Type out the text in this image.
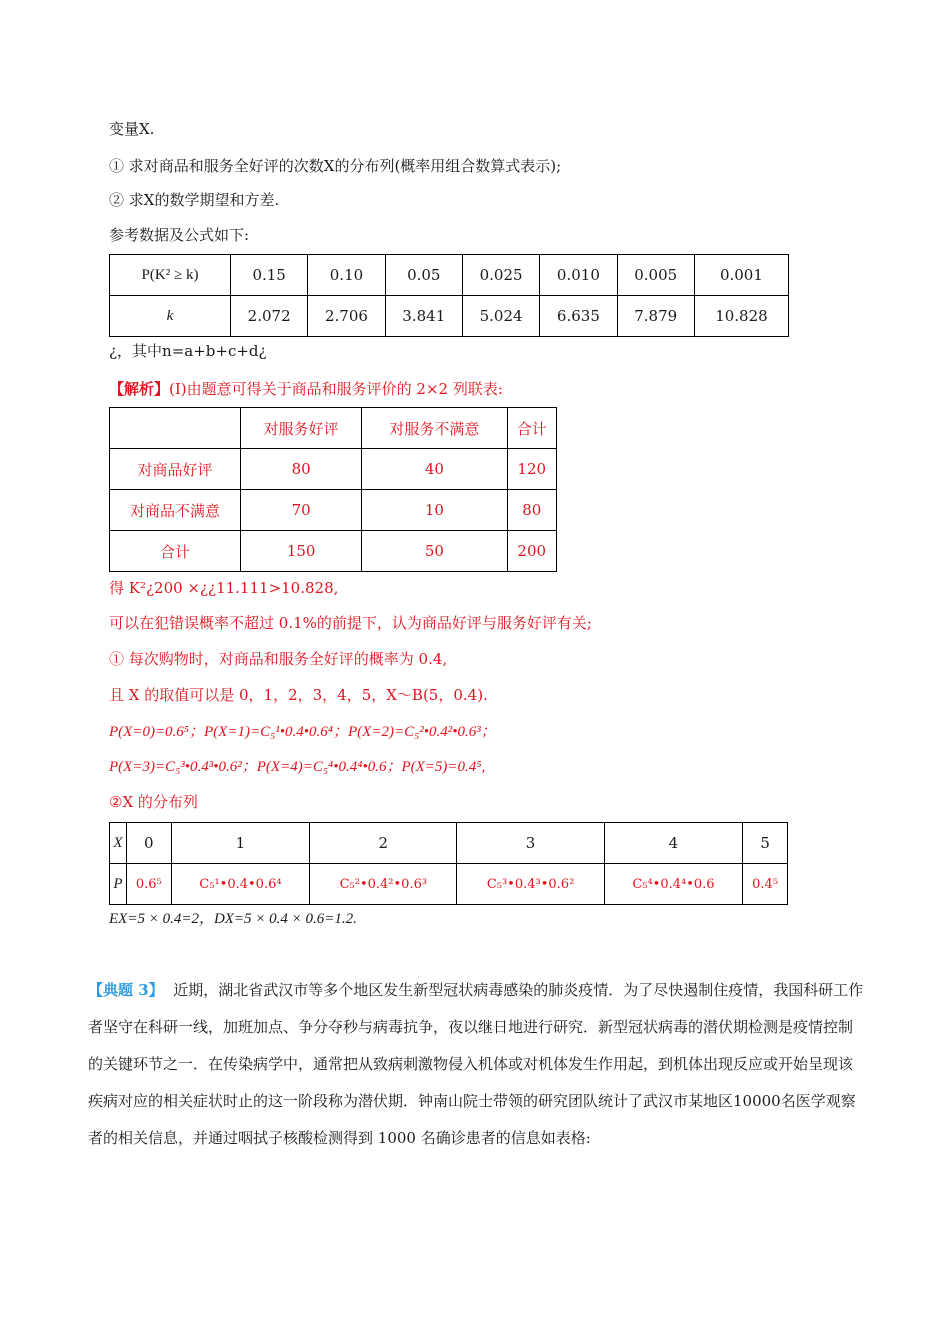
变量X.
① 求对商品和服务全好评的次数X的分布列(概率用组合数算式表示);
② 求X的数学期望和方差.
参考数据及公式如下:
P(K² ≥ k)	0.15	0.10	0.05	0.025	0.010	0.005	0.001
k	2.072	2.706	3.841	5.024	6.635	7.879	10.828
¿，其中n=a+b+c+d¿
【解析】(I)由题意可得关于商品和服务评价的 2×2 列联表:
	对服务好评	对服务不满意	合计
对商品好评	80	40	120
对商品不满意	70	10	80
合计	150	50	200
得 K²¿200 ×¿¿11.111>10.828,
可以在犯错误概率不超过 0.1%的前提下，认为商品好评与服务好评有关;
① 每次购物时，对商品和服务全好评的概率为 0.4,
且 X 的取值可以是 0，1，2，3，4，5，X～B(5，0.4).
P(X=0)=0.6⁵；P(X=1)=C₅¹•0.4•0.6⁴；P(X=2)=C₅²•0.4²•0.6³；
P(X=3)=C₅³•0.4³•0.6²；P(X=4)=C₅⁴•0.4⁴•0.6；P(X=5)=0.4⁵,
②X 的分布列
X	0	1	2	3	4	5
P	0.6⁵	C₅¹•0.4•0.6⁴	C₅²•0.4²•0.6³	C₅³•0.4³•0.6²	C₅⁴•0.4⁴•0.6	0.4⁵
EX=5 × 0.4=2，DX=5 × 0.4 × 0.6=1.2.
【典题 3】 近期，湖北省武汉市等多个地区发生新型冠状病毒感染的肺炎疫情．为了尽快遏制住疫情，我国科研工作者坚守在科研一线，加班加点、争分夺秒与病毒抗争，夜以继日地进行研究．新型冠状病毒的潜伏期检测是疫情控制的关键环节之一．在传染病学中，通常把从致病刺激物侵入机体或对机体发生作用起，到机体出现反应或开始呈现该疾病对应的相关症状时止的这一阶段称为潜伏期．钟南山院士带领的研究团队统计了武汉市某地区10000名医学观察者的相关信息，并通过咽拭子核酸检测得到 1000 名确诊患者的信息如表格:
